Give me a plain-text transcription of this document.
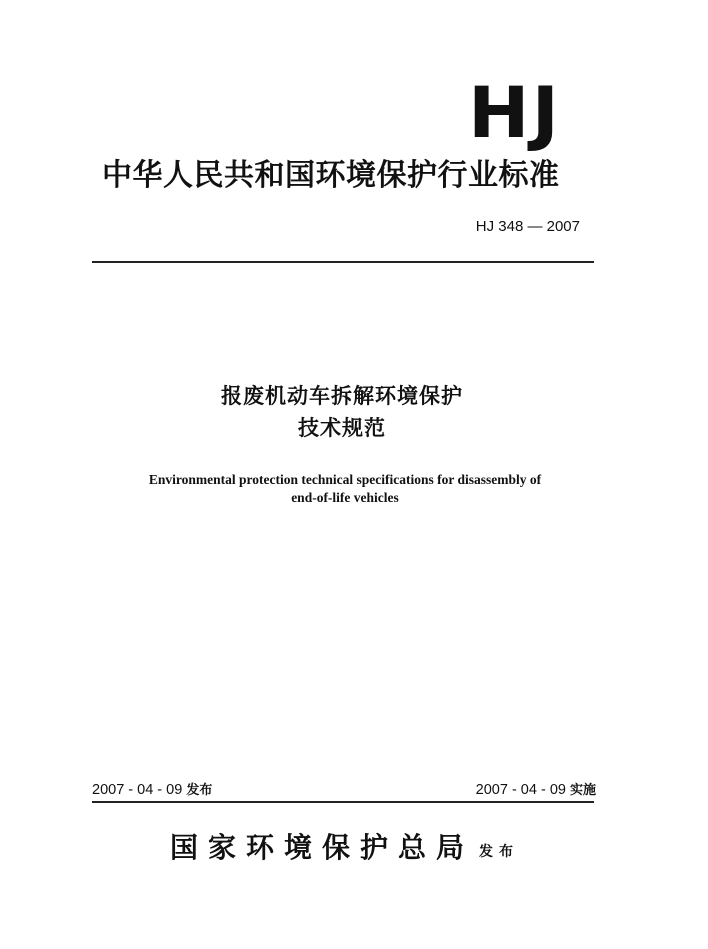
HJ
中华人民共和国环境保护行业标准
HJ 348 — 2007
报废机动车拆解环境保护
技术规范
Environmental protection technical specifications for disassembly of
end-of-life vehicles
2007 - 04 - 09 发布	2007 - 04 - 09 实施
国家环境保护总局 发布
